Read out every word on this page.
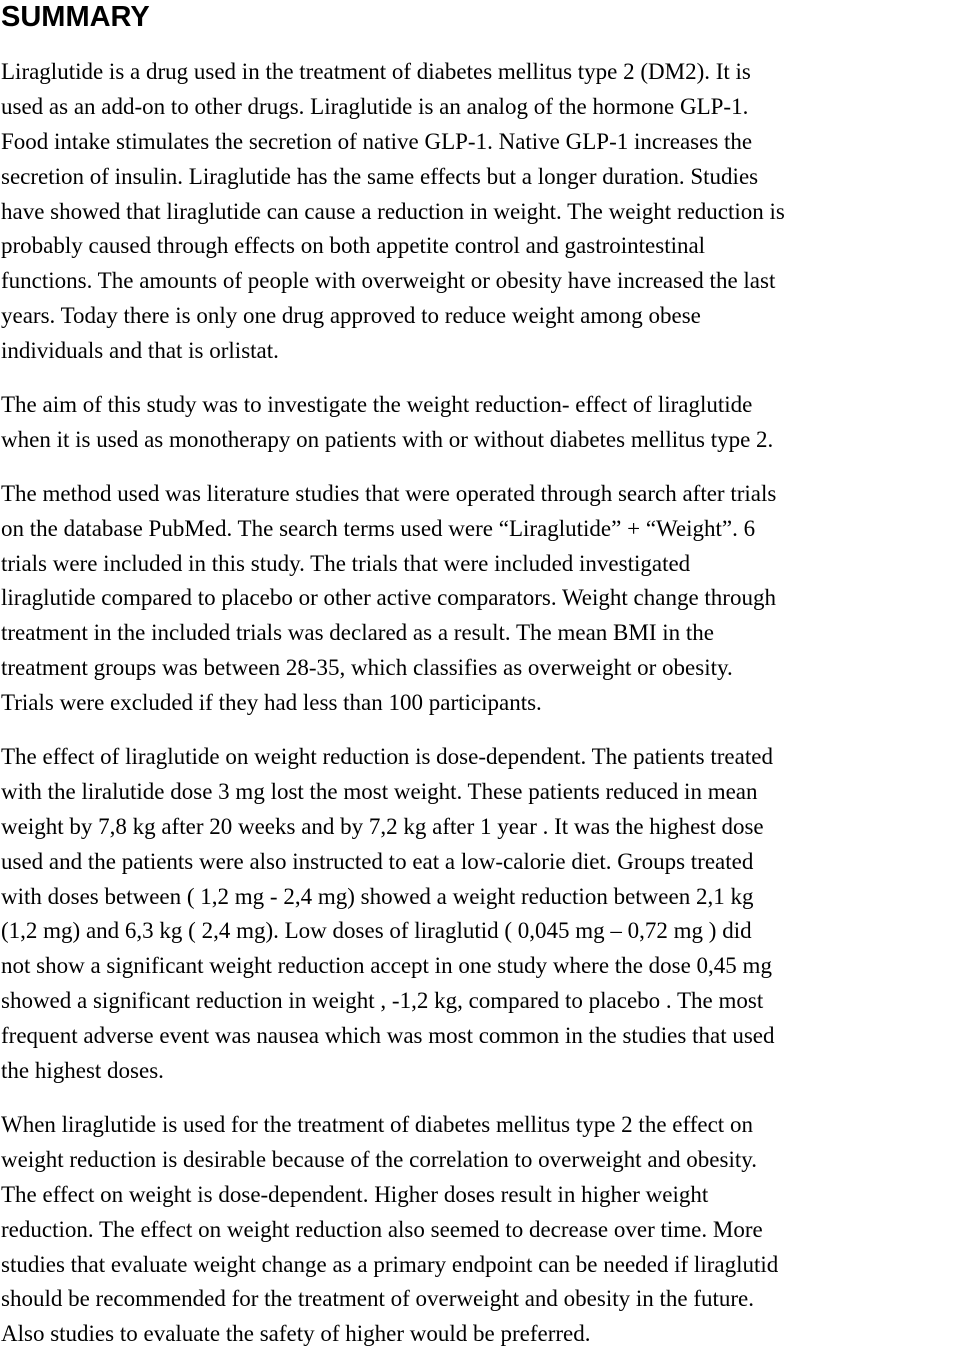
SUMMARY
Liraglutide is a drug used in the treatment of diabetes mellitus type 2 (DM2). It is
used as an add-on to other drugs. Liraglutide is an analog of the hormone GLP-1.
Food intake stimulates the secretion of native GLP-1. Native GLP-1 increases the
secretion of insulin. Liraglutide has the same effects but a longer duration. Studies
have showed that liraglutide can cause a reduction in weight. The weight reduction is
probably caused through effects on both appetite control and gastrointestinal
functions. The amounts of people with overweight or obesity have increased the last
years. Today there is only one drug approved to reduce weight among obese
individuals and that is orlistat.
The aim of this study was to investigate the weight reduction- effect of liraglutide
when it is used as monotherapy on patients with or without diabetes mellitus type 2.
The method used was literature studies that were operated through search after trials
on the database PubMed. The search terms used were “Liraglutide” + “Weight”. 6
trials were included in this study. The trials that were included investigated
liraglutide compared to placebo or other active comparators. Weight change through
treatment in the included trials was declared as a result. The mean BMI in the
treatment groups was between 28-35, which classifies as overweight or obesity.
Trials were excluded if they had less than 100 participants.
The effect of liraglutide on weight reduction is dose-dependent. The patients treated
with the liralutide dose 3 mg lost the most weight. These patients reduced in mean
weight by 7,8 kg after 20 weeks and by 7,2 kg after 1 year . It was the highest dose
used and the patients were also instructed to eat a low-calorie diet. Groups treated
with doses between ( 1,2 mg - 2,4 mg) showed a weight reduction between 2,1 kg
(1,2 mg) and 6,3 kg ( 2,4 mg). Low doses of liraglutid ( 0,045 mg – 0,72 mg ) did
not show a significant weight reduction accept in one study where the dose 0,45 mg
showed a significant reduction in weight , -1,2 kg, compared to placebo . The most
frequent adverse event was nausea which was most common in the studies that used
the highest doses.
When liraglutide is used for the treatment of diabetes mellitus type 2 the effect on
weight reduction is desirable because of the correlation to overweight and obesity.
The effect on weight is dose-dependent. Higher doses result in higher weight
reduction. The effect on weight reduction also seemed to decrease over time. More
studies that evaluate weight change as a primary endpoint can be needed if liraglutid
should be recommended for the treatment of overweight and obesity in the future.
Also studies to evaluate the safety of higher would be preferred.
